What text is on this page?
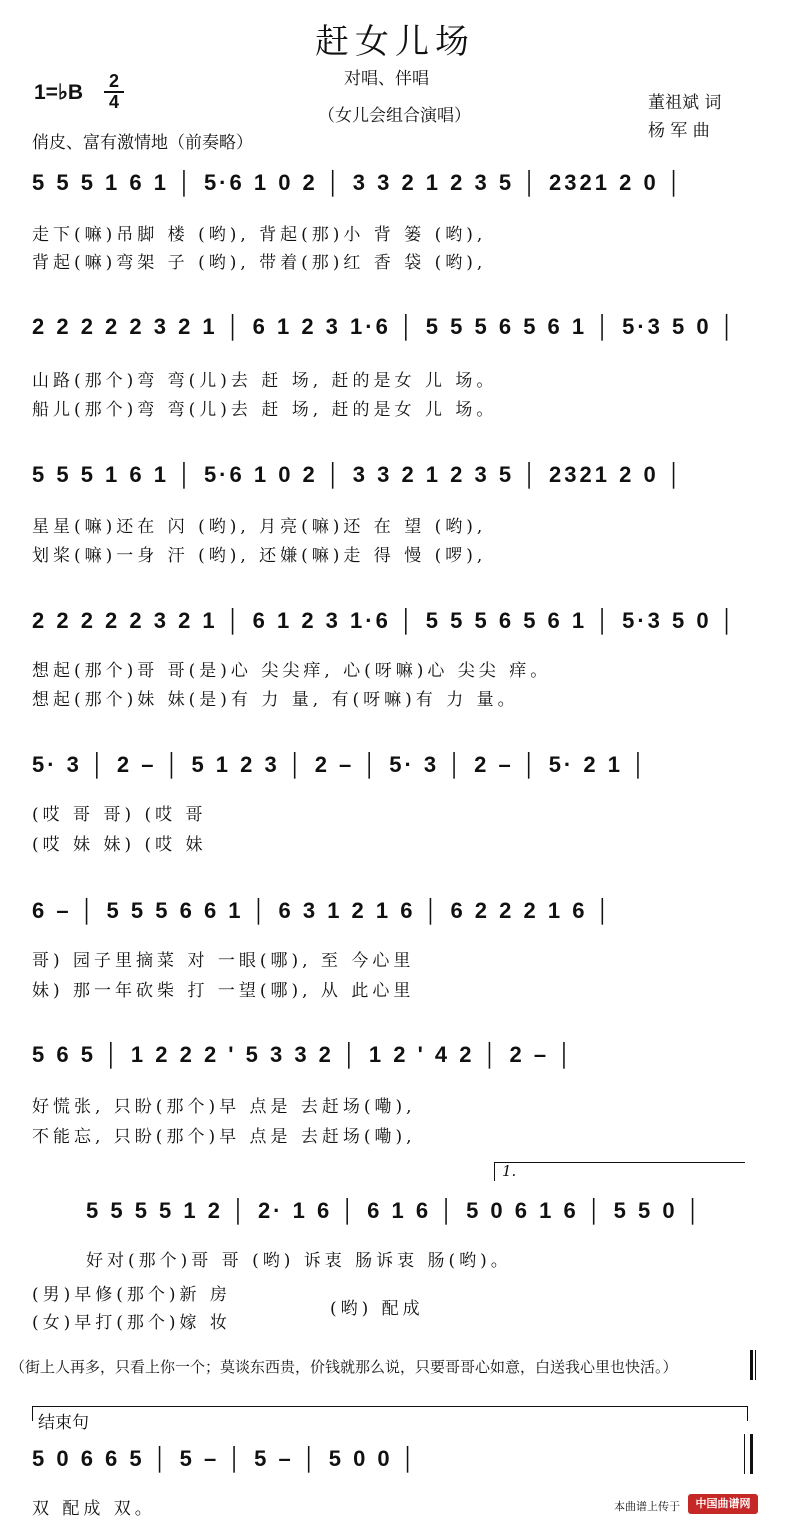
赶女儿场
对唱、伴唱
（女儿会组合演唱）
1=♭B $\frac{2}{4}$	董祖斌 词
杨 军 曲
俏皮、富有激情地（前奏略）
5 5 5 1 6 1 │ 5·6 1 0 2 │ 3 3 2 1 2 3 5 │ 2321 2 0 │
走下(嘛)吊脚 楼 (哟), 背起(那)小 背 篓 (哟),
背起(嘛)弯架 子 (哟), 带着(那)红 香 袋 (哟),
2 2 2 2 2 3 2 1 │ 6 1 2 3 1·6 │ 5 5 5 6 5 6 1 │ 5·3 5 0 │
山路(那个)弯 弯(儿)去 赶 场, 赶的是女 儿 场。
船儿(那个)弯 弯(儿)去 赶 场, 赶的是女 儿 场。
5 5 5 1 6 1 │ 5·6 1 0 2 │ 3 3 2 1 2 3 5 │ 2321 2 0 │
星星(嘛)还在 闪 (哟), 月亮(嘛)还 在 望 (哟),
划桨(嘛)一身 汗 (哟), 还嫌(嘛)走 得 慢 (啰),
2 2 2 2 2 3 2 1 │ 6 1 2 3 1·6 │ 5 5 5 6 5 6 1 │ 5·3 5 0 │
想起(那个)哥 哥(是)心 尖尖痒, 心(呀嘛)心 尖尖 痒。
想起(那个)妹 妹(是)有 力 量, 有(呀嘛)有 力 量。
5· 3 │ 2 – │ 5 1 2 3 │ 2 – │ 5· 3 │ 2 – │ 5· 2 1 │
(哎 哥 哥) (哎 哥
(哎 妹 妹) (哎 妹
6 – │ 5 5 5 6 6 1 │ 6 3 1 2 1 6 │ 6 2 2 2 1 6 │
哥) 园子里摘菜 对 一眼(哪), 至 今心里
妹) 那一年砍柴 打 一望(哪), 从 此心里
5 6 5 │ 1 2 2 2 ' 5 3 3 2 │ 1 2 ' 4 2 │ 2 – │
好慌张, 只盼(那个)早 点是 去赶场(嘞),
不能忘, 只盼(那个)早 点是 去赶场(嘞),
1.
5 5 5 5 1 2 │ 2· 1 6 │ 6 1 6 │ 5 0 6 1 6 │ 5 5 0 │
好对(那个)哥 哥 (哟) 诉衷 肠诉衷 肠(哟)。
(男)早修(那个)新 房
(女)早打(那个)嫁 妆
(哟) 配成
（街上人再多，只看上你一个；莫谈东西贵，价钱就那么说，只要哥哥心如意，白送我心里也快活。）
结束句
5 0 6 6 5 │ 5 – │ 5 – │ 5 0 0 │
双 配成 双。	本曲谱上传于	中国曲谱网
